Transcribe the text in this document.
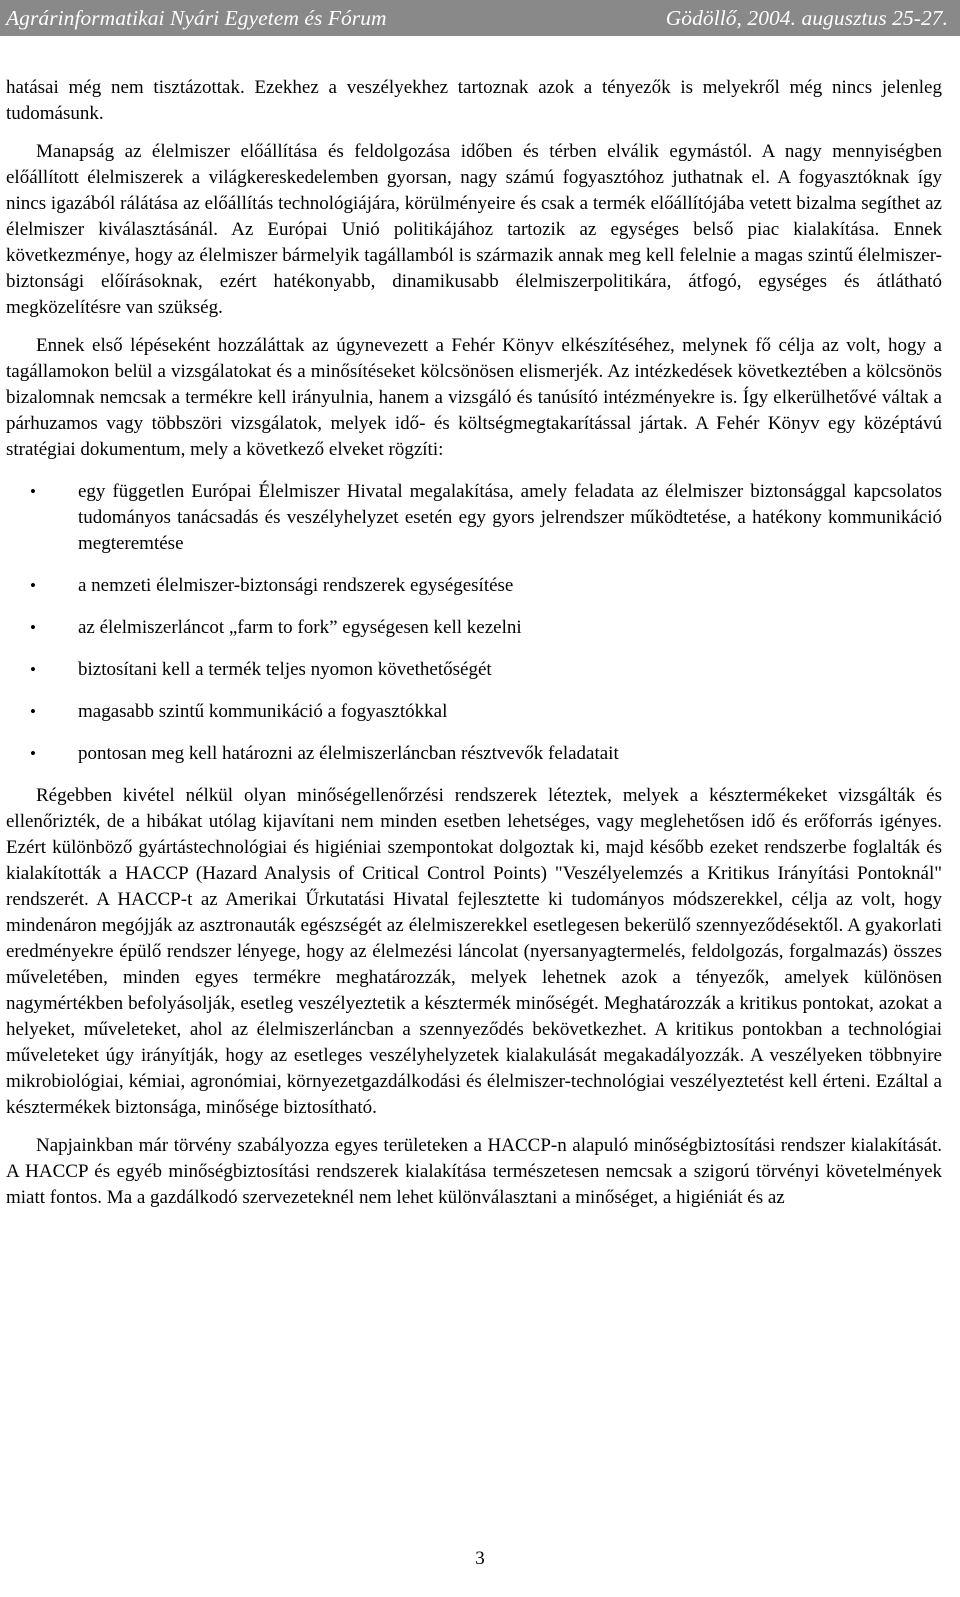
Agrárinformatikai Nyári Egyetem és Fórum	Gödöllő, 2004. augusztus 25-27.

hatásai még nem tisztázottak. Ezekhez a veszélyekhez tartoznak azok a tényezők is melyekről még nincs jelenleg tudomásunk.

Manapság az élelmiszer előállítása és feldolgozása időben és térben elválik egymástól. A nagy mennyiségben előállított élelmiszerek a világkereskedelemben gyorsan, nagy számú fogyasztóhoz juthatnak el. A fogyasztóknak így nincs igazából rálátása az előállítás technológiájára, körülményeire és csak a termék előállítójába vetett bizalma segíthet az élelmiszer kiválasztásánál. Az Európai Unió politikájához tartozik az egységes belső piac kialakítása. Ennek következménye, hogy az élelmiszer bármelyik tagállamból is származik annak meg kell felelnie a magas szintű élelmiszer-biztonsági előírásoknak, ezért hatékonyabb, dinamikusabb élelmiszerpolitikára, átfogó, egységes és átlátható megközelítésre van szükség.

Ennek első lépéseként hozzáláttak az úgynevezett a Fehér Könyv elkészítéséhez, melynek fő célja az volt, hogy a tagállamokon belül a vizsgálatokat és a minősítéseket kölcsönösen elismerjék. Az intézkedések következtében a kölcsönös bizalomnak nemcsak a termékre kell irányulnia, hanem a vizsgáló és tanúsító intézményekre is. Így elkerülhetővé váltak a párhuzamos vagy többszöri vizsgálatok, melyek idő- és költségmegtakarítással jártak. A Fehér Könyv egy középtávú stratégiai dokumentum, mely a következő elveket rögzíti:

• egy független Európai Élelmiszer Hivatal megalakítása, amely feladata az élelmiszer biztonsággal kapcsolatos tudományos tanácsadás és veszélyhelyzet esetén egy gyors jelrendszer működtetése, a hatékony kommunikáció megteremtése
• a nemzeti élelmiszer-biztonsági rendszerek egységesítése
• az élelmiszerláncot „farm to fork” egységesen kell kezelni
• biztosítani kell a termék teljes nyomon követhetőségét
• magasabb szintű kommunikáció a fogyasztókkal
• pontosan meg kell határozni az élelmiszerláncban résztvevők feladatait

Régebben kivétel nélkül olyan minőségellenőrzési rendszerek léteztek, melyek a késztermékeket vizsgálták és ellenőrizték, de a hibákat utólag kijavítani nem minden esetben lehetséges, vagy meglehetősen idő és erőforrás igényes. Ezért különböző gyártástechnológiai és higiéniai szempontokat dolgoztak ki, majd később ezeket rendszerbe foglalták és kialakították a HACCP (Hazard Analysis of Critical Control Points) "Veszélyelemzés a Kritikus Irányítási Pontoknál" rendszerét. A HACCP-t az Amerikai Űrkutatási Hivatal fejlesztette ki tudományos módszerekkel, célja az volt, hogy mindenáron megójják az asztronauták egészségét az élelmiszerekkel esetlegesen bekerülő szennyeződésektől. A gyakorlati eredményekre épülő rendszer lényege, hogy az élelmezési láncolat (nyersanyagtermelés, feldolgozás, forgalmazás) összes műveletében, minden egyes termékre meghatározzák, melyek lehetnek azok a tényezők, amelyek különösen nagymértékben befolyásolják, esetleg veszélyeztetik a késztermék minőségét. Meghatározzák a kritikus pontokat, azokat a helyeket, műveleteket, ahol az élelmiszerláncban a szennyeződés bekövetkezhet. A kritikus pontokban a technológiai műveleteket úgy irányítják, hogy az esetleges veszélyhelyzetek kialakulását megakadályozzák. A veszélyeken többnyire mikrobiológiai, kémiai, agronómiai, környezetgazdálkodási és élelmiszer-technológiai veszélyeztetést kell érteni. Ezáltal a késztermékek biztonsága, minősége biztosítható.

Napjainkban már törvény szabályozza egyes területeken a HACCP-n alapuló minőségbiztosítási rendszer kialakítását. A HACCP és egyéb minőségbiztosítási rendszerek kialakítása természetesen nemcsak a szigorú törvényi követelmények miatt fontos. Ma a gazdálkodó szervezeteknél nem lehet különválasztani a minőséget, a higiéniát és az

3
